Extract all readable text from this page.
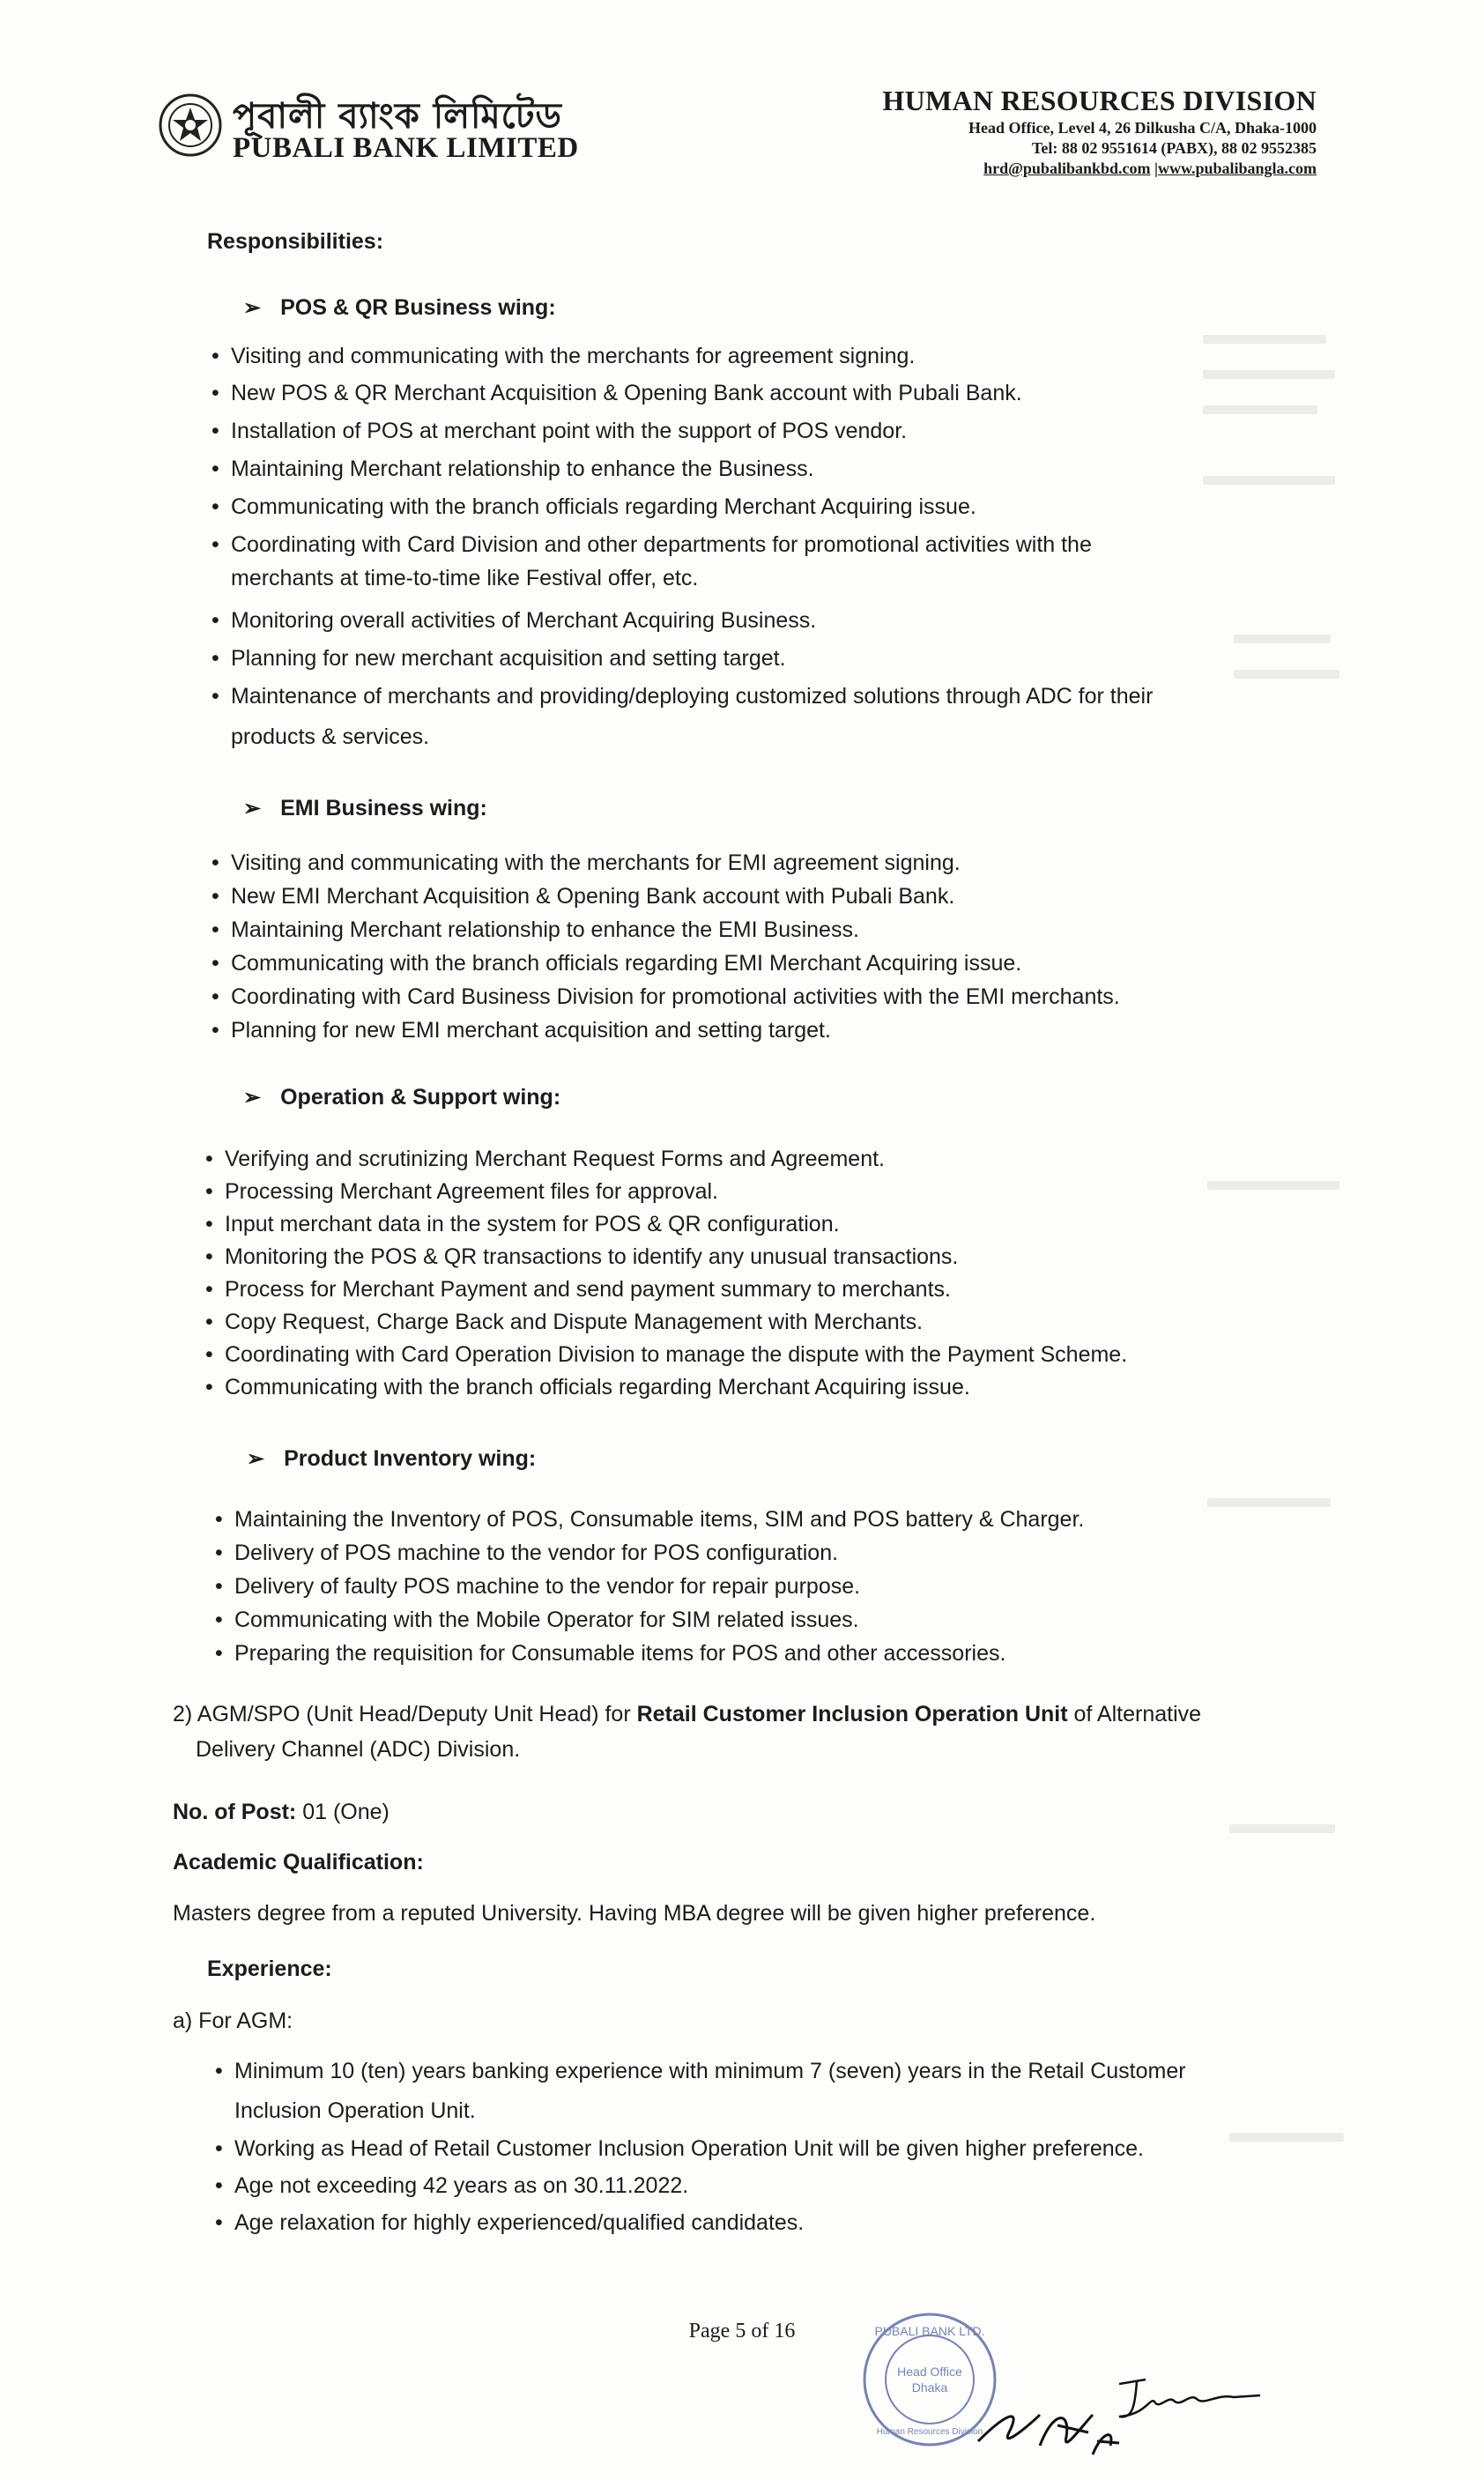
পূবালী ব্যাংক লিমিটেড
PUBALI BANK LIMITED
HUMAN RESOURCES DIVISION
Head Office, Level 4, 26 Dilkusha C/A, Dhaka-1000
Tel: 88 02 9551614 (PABX), 88 02 9552385
hrd@pubalibankbd.com |www.pubalibangla.com
Responsibilities:
➢ POS & QR Business wing:
• Visiting and communicating with the merchants for agreement signing.
• New POS & QR Merchant Acquisition & Opening Bank account with Pubali Bank.
• Installation of POS at merchant point with the support of POS vendor.
• Maintaining Merchant relationship to enhance the Business.
• Communicating with the branch officials regarding Merchant Acquiring issue.
• Coordinating with Card Division and other departments for promotional activities with the
merchants at time-to-time like Festival offer, etc.
• Monitoring overall activities of Merchant Acquiring Business.
• Planning for new merchant acquisition and setting target.
• Maintenance of merchants and providing/deploying customized solutions through ADC for their
products & services.
➢ EMI Business wing:
• Visiting and communicating with the merchants for EMI agreement signing.
• New EMI Merchant Acquisition & Opening Bank account with Pubali Bank.
• Maintaining Merchant relationship to enhance the EMI Business.
• Communicating with the branch officials regarding EMI Merchant Acquiring issue.
• Coordinating with Card Business Division for promotional activities with the EMI merchants.
• Planning for new EMI merchant acquisition and setting target.
➢ Operation & Support wing:
• Verifying and scrutinizing Merchant Request Forms and Agreement.
• Processing Merchant Agreement files for approval.
• Input merchant data in the system for POS & QR configuration.
• Monitoring the POS & QR transactions to identify any unusual transactions.
• Process for Merchant Payment and send payment summary to merchants.
• Copy Request, Charge Back and Dispute Management with Merchants.
• Coordinating with Card Operation Division to manage the dispute with the Payment Scheme.
• Communicating with the branch officials regarding Merchant Acquiring issue.
➢ Product Inventory wing:
• Maintaining the Inventory of POS, Consumable items, SIM and POS battery & Charger.
• Delivery of POS machine to the vendor for POS configuration.
• Delivery of faulty POS machine to the vendor for repair purpose.
• Communicating with the Mobile Operator for SIM related issues.
• Preparing the requisition for Consumable items for POS and other accessories.
2) AGM/SPO (Unit Head/Deputy Unit Head) for Retail Customer Inclusion Operation Unit of Alternative
Delivery Channel (ADC) Division.
No. of Post: 01 (One)
Academic Qualification:
Masters degree from a reputed University. Having MBA degree will be given higher preference.
Experience:
a) For AGM:
• Minimum 10 (ten) years banking experience with minimum 7 (seven) years in the Retail Customer
Inclusion Operation Unit.
• Working as Head of Retail Customer Inclusion Operation Unit will be given higher preference.
• Age not exceeding 42 years as on 30.11.2022.
• Age relaxation for highly experienced/qualified candidates.
Page 5 of 16	PUBALI BANK LTD.
Head Office
Dhaka
Human Resources Division
